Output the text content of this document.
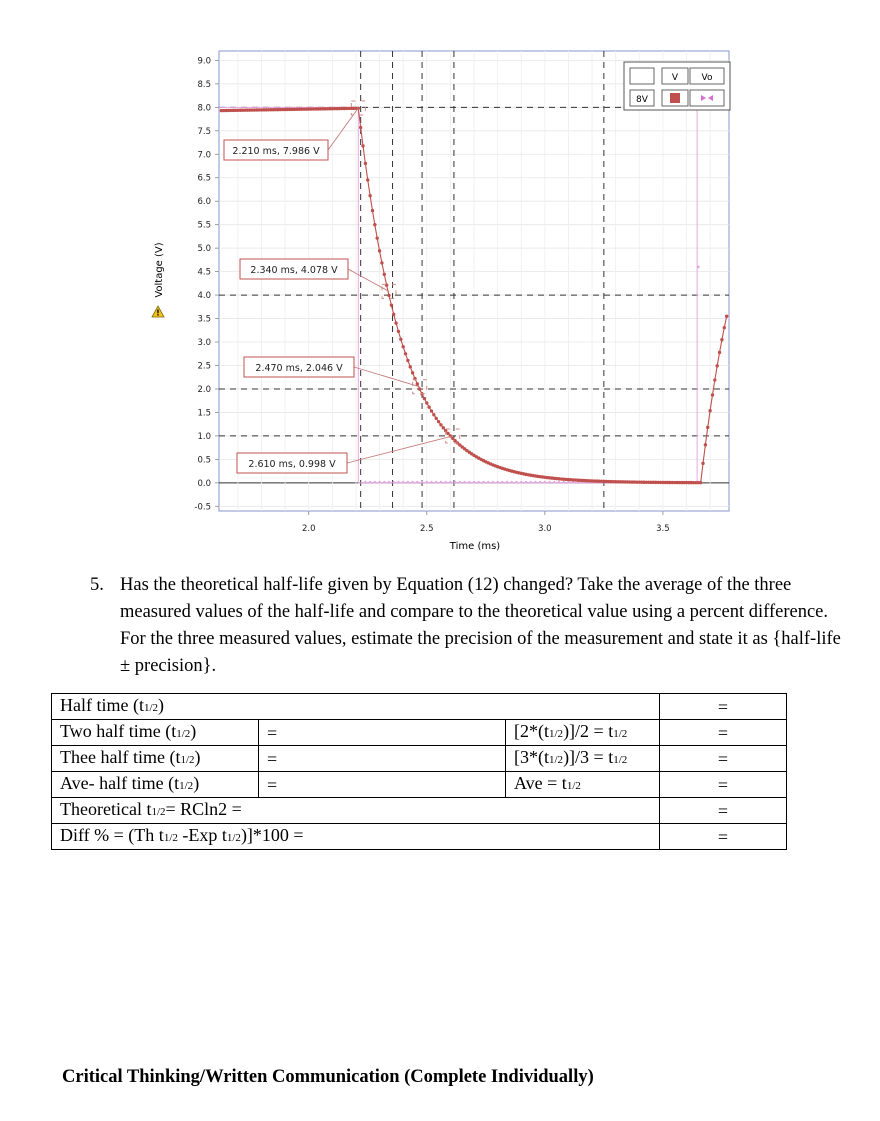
9.0
8.5
8.0
7.5
7.0
6.5
6.0
5.5
5.0
4.5
4.0
3.5
3.0
2.5
2.0
1.5
1.0
0.5
0.0
-0.5
2.0	2.5	3.0	3.5
2.210 ms, 7.986 V
2.340 ms, 4.078 V
2.470 ms, 2.046 V
2.610 ms, 0.998 V
Time (ms)
Voltage (V)
!
V	Vo
8V
5. Has the theoretical half-life given by Equation (12) changed? Take the average of the three measured values of the half-life and compare to the theoretical value using a percent difference. For the three measured values, estimate the precision of the measurement and state it as {half-life ± precision}.
Half time (t1/2)			=
Two half time (t1/2)	=	[2*(t1/2)]/2 = t1/2	=
Thee half time (t1/2)	=	[3*(t1/2)]/3 = t1/2	=
Ave- half time (t1/2)	=	Ave = t1/2	=
Theoretical t1/2= RCln2 =			=
Diff % = (Th t1/2 -Exp t1/2)]*100 =			=
Critical Thinking/Written Communication (Complete Individually)
